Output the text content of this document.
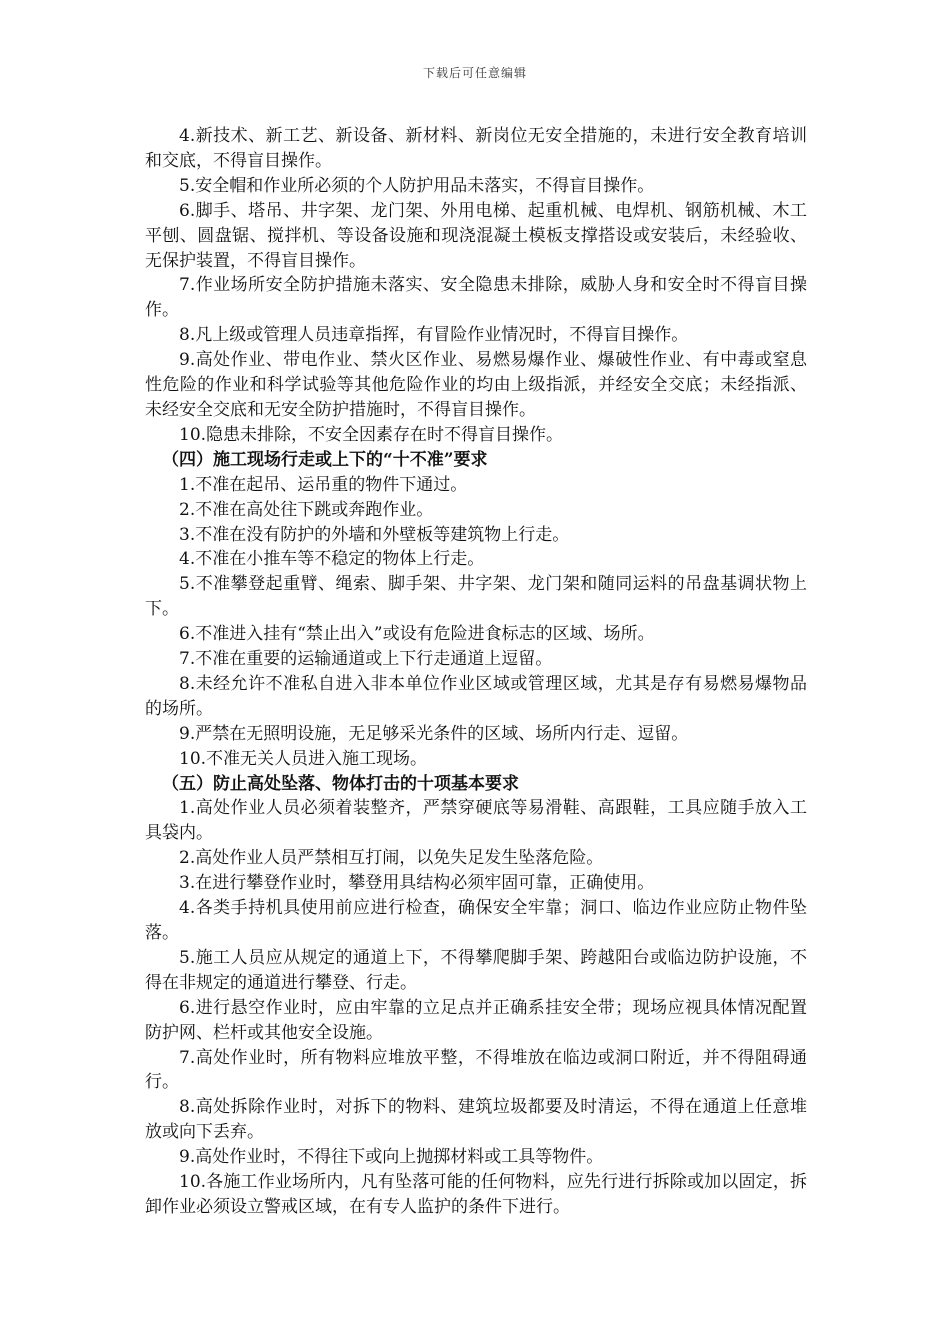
下载后可任意编辑

4.新技术、新工艺、新设备、新材料、新岗位无安全措施的，未进行安全教育培训和交底，不得盲目操作。

5.安全帽和作业所必须的个人防护用品未落实，不得盲目操作。

6.脚手、塔吊、井字架、龙门架、外用电梯、起重机械、电焊机、钢筋机械、木工平刨、圆盘锯、搅拌机、等设备设施和现浇混凝土模板支撑搭设或安装后，未经验收、无保护装置，不得盲目操作。

7.作业场所安全防护措施未落实、安全隐患未排除，威胁人身和安全时不得盲目操作。

8.凡上级或管理人员违章指挥，有冒险作业情况时，不得盲目操作。

9.高处作业、带电作业、禁火区作业、易燃易爆作业、爆破性作业、有中毒或窒息性危险的作业和科学试验等其他危险作业的均由上级指派，并经安全交底；未经指派、未经安全交底和无安全防护措施时，不得盲目操作。

10.隐患未排除，不安全因素存在时不得盲目操作。

（四）施工现场行走或上下的“十不准”要求

1.不准在起吊、运吊重的物件下通过。

2.不准在高处往下跳或奔跑作业。

3.不准在没有防护的外墙和外壁板等建筑物上行走。

4.不准在小推车等不稳定的物体上行走。

5.不准攀登起重臂、绳索、脚手架、井字架、龙门架和随同运料的吊盘基调状物上下。

6.不准进入挂有“禁止出入”或设有危险进食标志的区域、场所。

7.不准在重要的运输通道或上下行走通道上逗留。

8.未经允许不准私自进入非本单位作业区域或管理区域，尤其是存有易燃易爆物品的场所。

9.严禁在无照明设施，无足够采光条件的区域、场所内行走、逗留。

10.不准无关人员进入施工现场。

（五）防止高处坠落、物体打击的十项基本要求

1.高处作业人员必须着装整齐，严禁穿硬底等易滑鞋、高跟鞋，工具应随手放入工具袋内。

2.高处作业人员严禁相互打闹，以免失足发生坠落危险。

3.在进行攀登作业时，攀登用具结构必须牢固可靠，正确使用。

4.各类手持机具使用前应进行检查，确保安全牢靠；洞口、临边作业应防止物件坠落。

5.施工人员应从规定的通道上下，不得攀爬脚手架、跨越阳台或临边防护设施，不得在非规定的通道进行攀登、行走。

6.进行悬空作业时，应由牢靠的立足点并正确系挂安全带；现场应视具体情况配置防护网、栏杆或其他安全设施。

7.高处作业时，所有物料应堆放平整，不得堆放在临边或洞口附近，并不得阻碍通行。

8.高处拆除作业时，对拆下的物料、建筑垃圾都要及时清运，不得在通道上任意堆放或向下丢弃。

9.高处作业时，不得往下或向上抛掷材料或工具等物件。

10.各施工作业场所内，凡有坠落可能的任何物料，应先行进行拆除或加以固定，拆卸作业必须设立警戒区域，在有专人监护的条件下进行。
